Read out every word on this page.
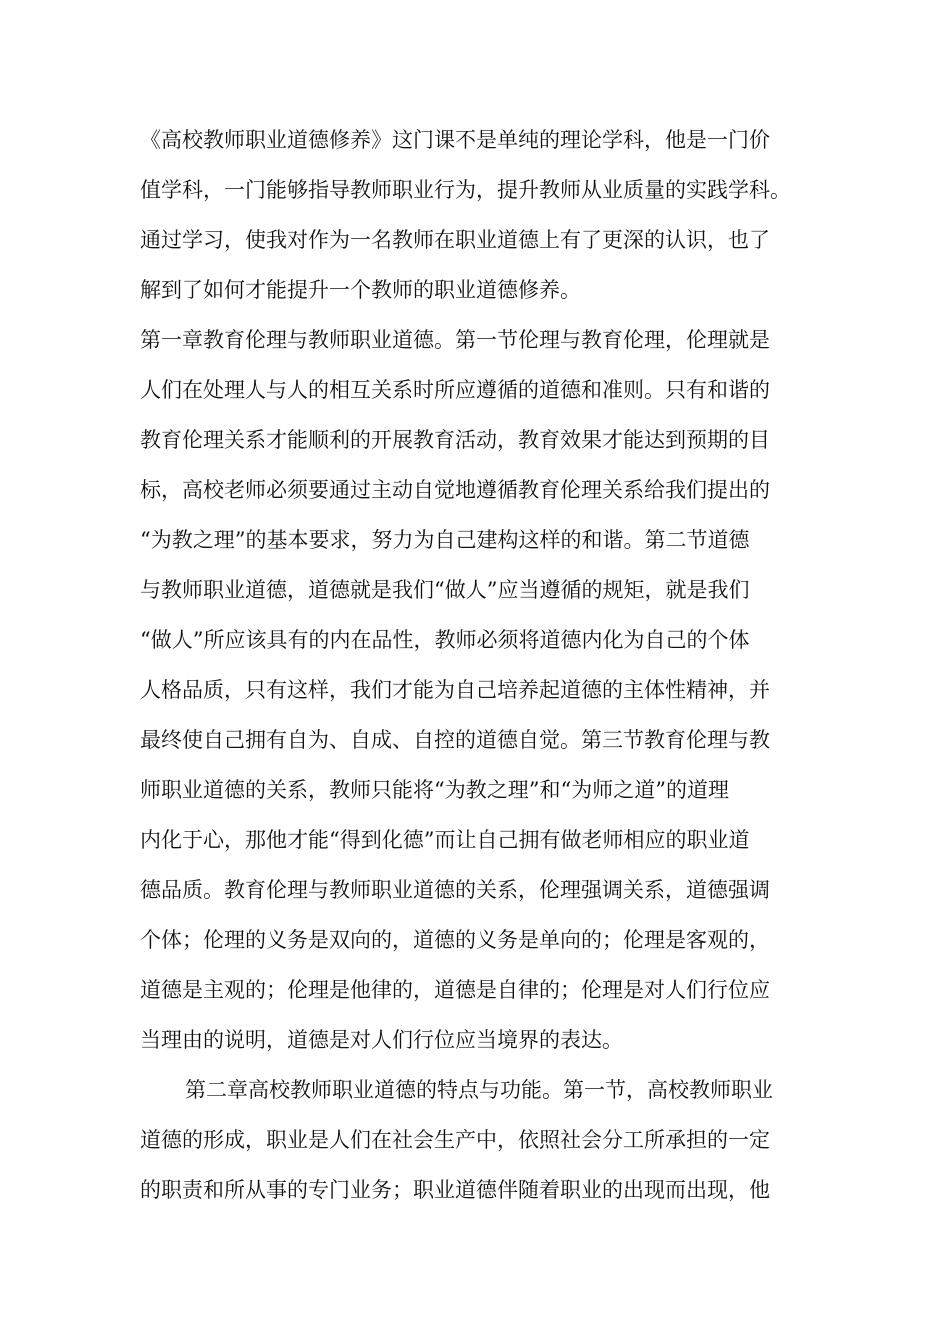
《高校教师职业道德修养》这门课不是单纯的理论学科，他是一门价
值学科，一门能够指导教师职业行为，提升教师从业质量的实践学科。
通过学习，使我对作为一名教师在职业道德上有了更深的认识，也了
解到了如何才能提升一个教师的职业道德修养。
第一章教育伦理与教师职业道德。第一节伦理与教育伦理，伦理就是
人们在处理人与人的相互关系时所应遵循的道德和准则。只有和谐的
教育伦理关系才能顺利的开展教育活动，教育效果才能达到预期的目
标，高校老师必须要通过主动自觉地遵循教育伦理关系给我们提出的
“为教之理”的基本要求，努力为自己建构这样的和谐。第二节道德
与教师职业道德，道德就是我们“做人”应当遵循的规矩，就是我们
“做人”所应该具有的内在品性，教师必须将道德内化为自己的个体
人格品质，只有这样，我们才能为自己培养起道德的主体性精神，并
最终使自己拥有自为、自成、自控的道德自觉。第三节教育伦理与教
师职业道德的关系，教师只能将“为教之理”和“为师之道”的道理
内化于心，那他才能“得到化德”而让自己拥有做老师相应的职业道
德品质。教育伦理与教师职业道德的关系，伦理强调关系，道德强调
个体；伦理的义务是双向的，道德的义务是单向的；伦理是客观的，
道德是主观的；伦理是他律的，道德是自律的；伦理是对人们行位应
当理由的说明，道德是对人们行位应当境界的表达。
第二章高校教师职业道德的特点与功能。第一节，高校教师职业
道德的形成，职业是人们在社会生产中，依照社会分工所承担的一定
的职责和所从事的专门业务；职业道德伴随着职业的出现而出现，他
